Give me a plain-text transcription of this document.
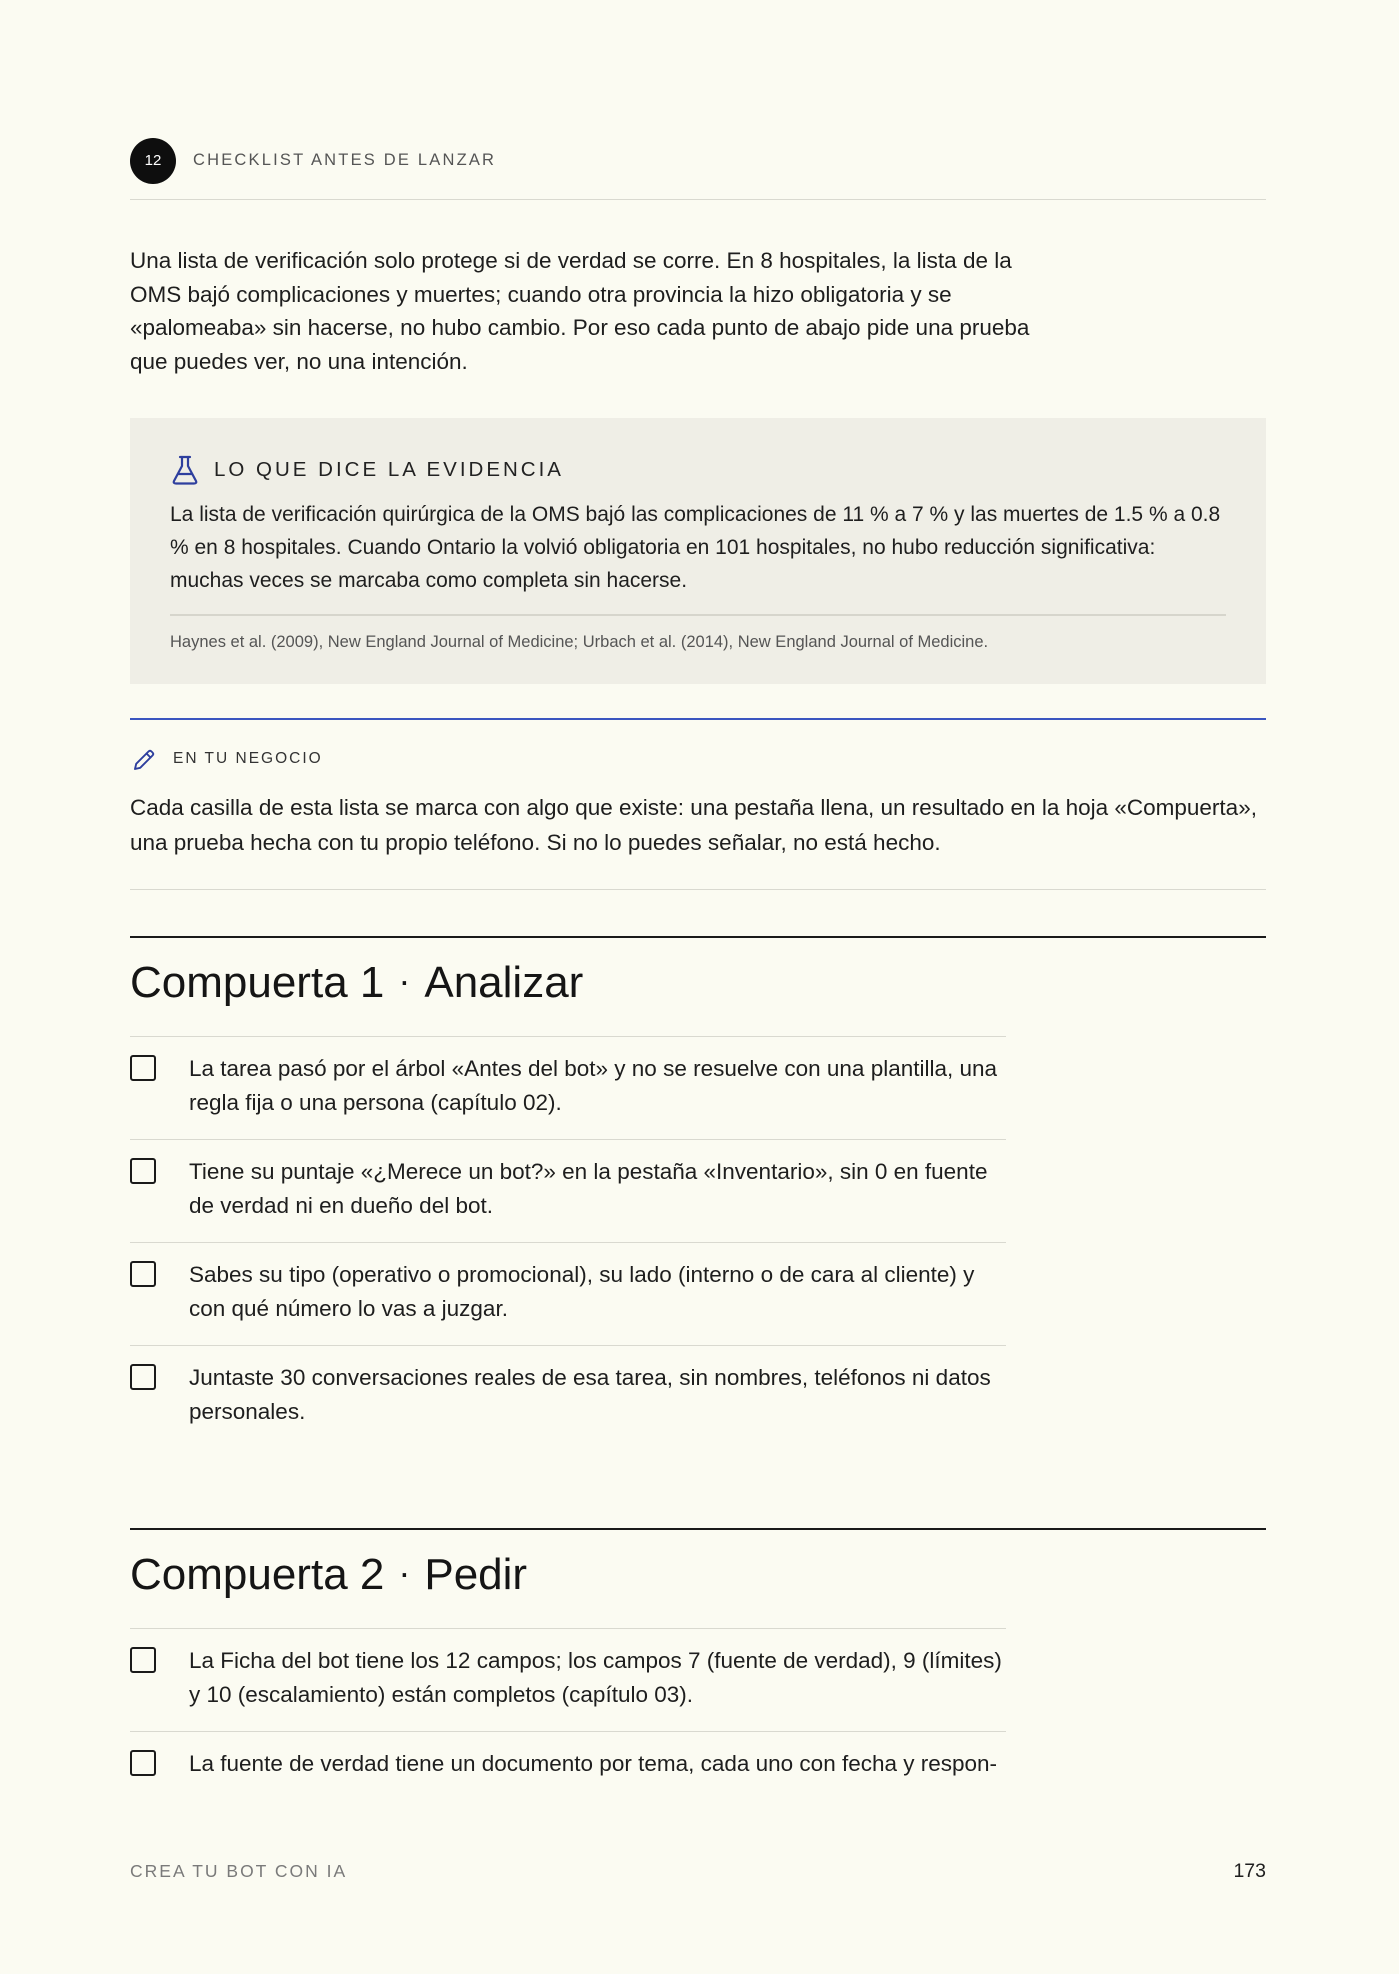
12	CHECKLIST ANTES DE LANZAR

Una lista de verificación solo protege si de verdad se corre. En 8 hospitales, la lista de la OMS bajó complicaciones y muertes; cuando otra provincia la hizo obligatoria y se «palomeaba» sin hacerse, no hubo cambio. Por eso cada punto de abajo pide una prueba que puedes ver, no una intención.

LO QUE DICE LA EVIDENCIA

La lista de verificación quirúrgica de la OMS bajó las complicaciones de 11 % a 7 % y las muertes de 1.5 % a 0.8 % en 8 hospitales. Cuando Ontario la volvió obligatoria en 101 hospitales, no hubo reducción significativa: muchas veces se marcaba como completa sin hacerse.

Haynes et al. (2009), New England Journal of Medicine; Urbach et al. (2014), New England Journal of Medicine.
EN TU NEGOCIO

Cada casilla de esta lista se marca con algo que existe: una pestaña llena, un resultado en la hoja «Compuerta», una prueba hecha con tu propio teléfono. Si no lo puedes señalar, no está hecho.

Compuerta 1 · Analizar
La tarea pasó por el árbol «Antes del bot» y no se resuelve con una plantilla, una regla fija o una persona (capítulo 02).
Tiene su puntaje «¿Merece un bot?» en la pestaña «Inventario», sin 0 en fuente de verdad ni en dueño del bot.
Sabes su tipo (operativo o promocional), su lado (interno o de cara al cliente) y con qué número lo vas a juzgar.
Juntaste 30 conversaciones reales de esa tarea, sin nombres, teléfonos ni datos personales.
Compuerta 2 · Pedir
La Ficha del bot tiene los 12 campos; los campos 7 (fuente de verdad), 9 (límites) y 10 (escalamiento) están completos (capítulo 03).
La fuente de verdad tiene un documento por tema, cada uno con fecha y respon-
CREA TU BOT CON IA	173
